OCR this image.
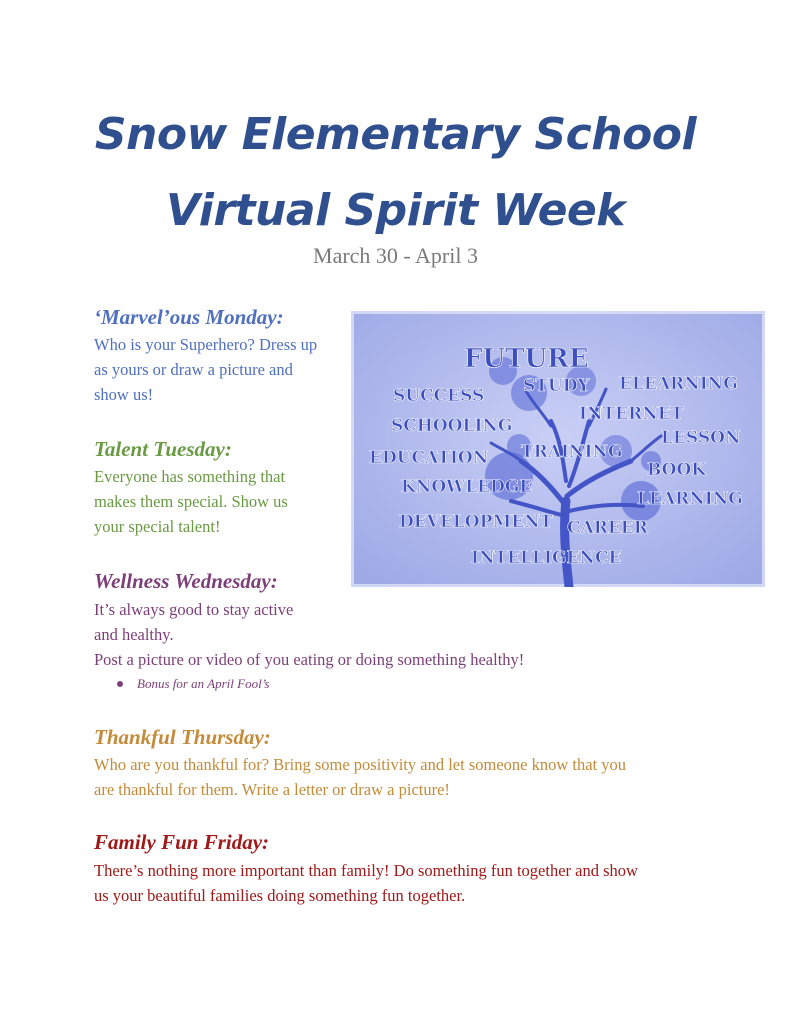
Snow Elementary School
Virtual Spirit Week
March 30 - April 3
‘Marvel’ous Monday:
Who is your Superhero? Dress up
as yours or draw a picture and
show us!
Talent Tuesday:
Everyone has something that
makes them special. Show us
your special talent!
Wellness Wednesday:
It’s always good to stay active
and healthy.
Post a picture or video of you eating or doing something healthy!
Bonus for an April Fool’s
Thankful Thursday:
Who are you thankful for? Bring some positivity and let someone know that you
are thankful for them. Write a letter or draw a picture!
Family Fun Friday:
There’s nothing more important than family! Do something fun together and show
us your beautiful families doing something fun together.
FUTURE
SUCCESS STUDY ELEARNING
SCHOOLING
INTERNET
LESSON
EDUCATION TRAINING
BOOK
KNOWLEDGE
LEARNING
DEVELOPMENT CAREER
INTELLIGENCE
